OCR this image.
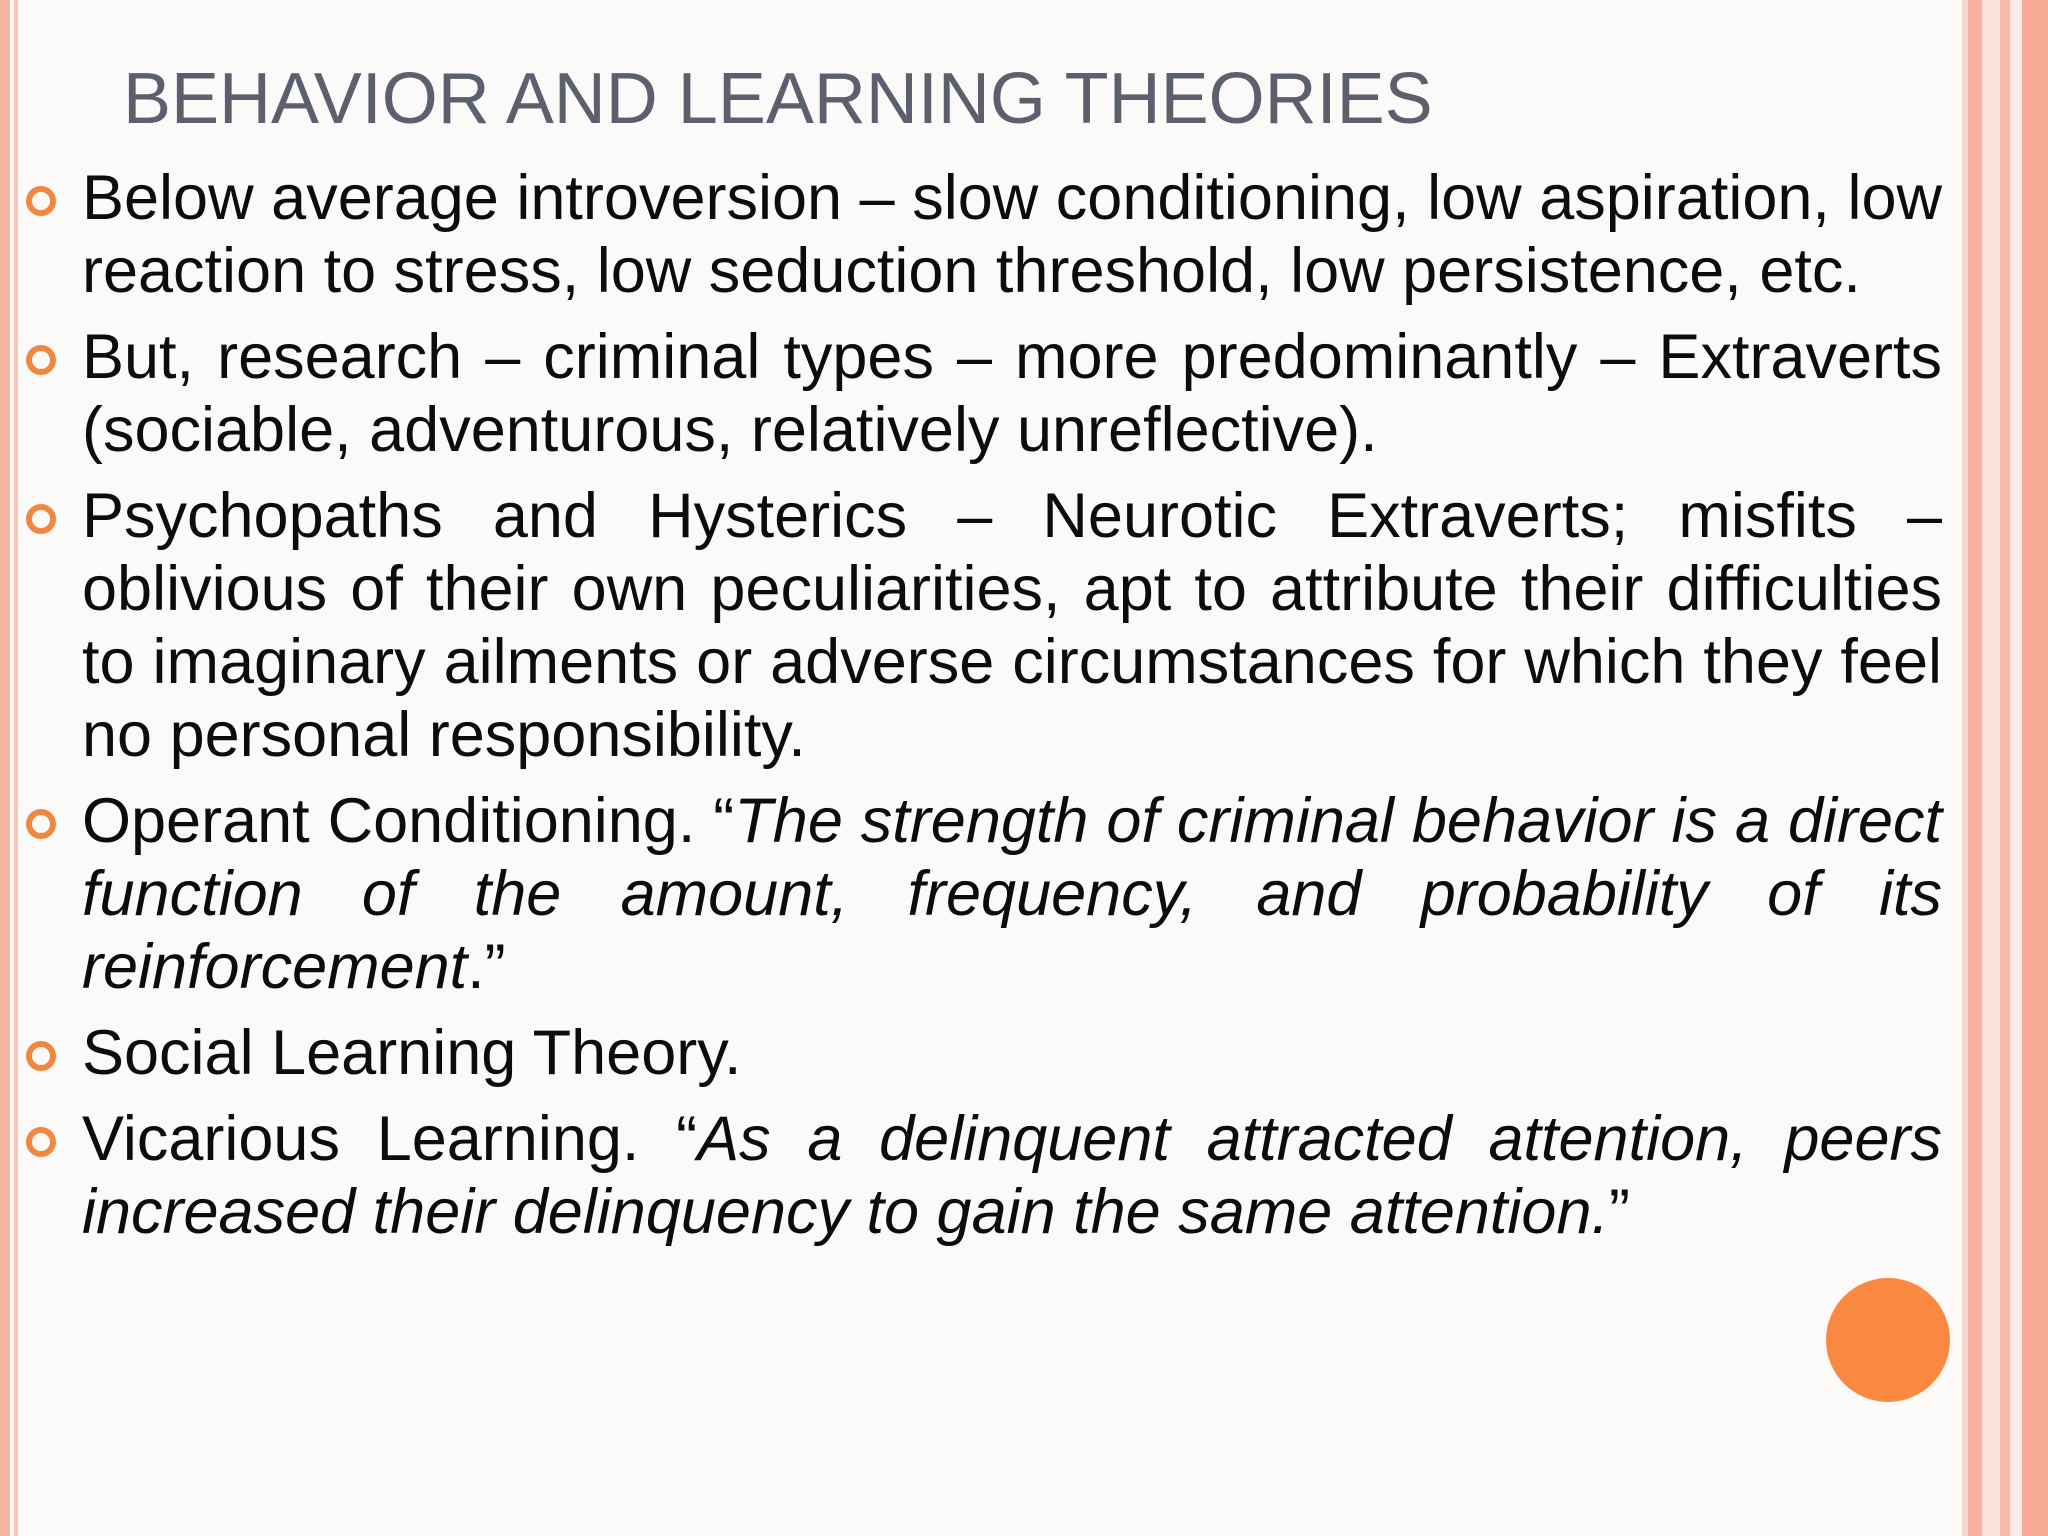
BEHAVIOR AND LEARNING THEORIES
Below average introversion – slow conditioning, low aspiration, low reaction to stress, low seduction threshold, low persistence, etc.
But, research – criminal types – more predominantly – Extraverts (sociable, adventurous, relatively unreflective).
Psychopaths and Hysterics – Neurotic Extraverts; misfits – oblivious of their own peculiarities, apt to attribute their difficulties to imaginary ailments or adverse circumstances for which they feel no personal responsibility.
Operant Conditioning. “The strength of criminal behavior is a direct function of the amount, frequency, and probability of its reinforcement.”
Social Learning Theory.
Vicarious Learning. “As a delinquent attracted attention, peers increased their delinquency to gain the same attention.”
